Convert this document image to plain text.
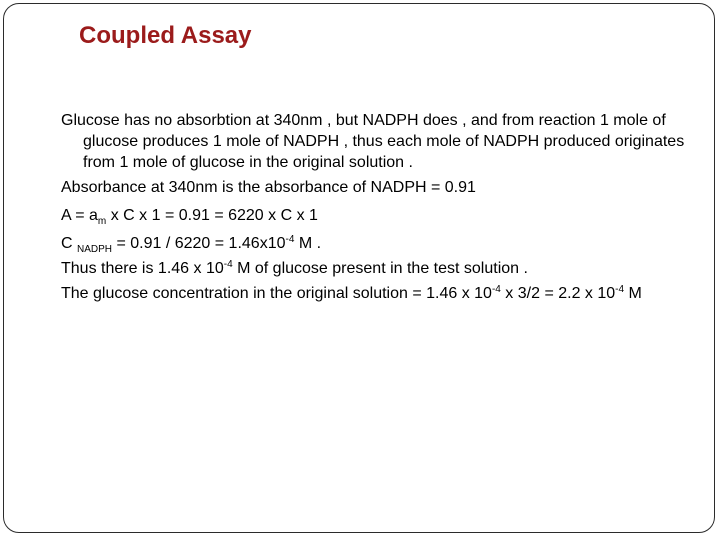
Coupled Assay

Glucose has no absorbtion at 340nm , but NADPH does , and from reaction 1 mole of glucose produces 1 mole of NADPH , thus each mole of NADPH produced originates from 1 mole of glucose in the original solution .

Absorbance at 340nm is the absorbance of NADPH = 0.91

$A = a_m$ x C x 1 = 0.91 = 6220 x C x 1

C $_{NADPH} = 0.91 / 6220 = 1.46x10^{-4}$ M .

Thus there is 1.46 x $10^{-4}$ M of glucose present in the test solution .

The glucose concentration in the original solution = 1.46 x $10^{-4}$ x 3/2 = 2.2 x $10^{-4}$ M
